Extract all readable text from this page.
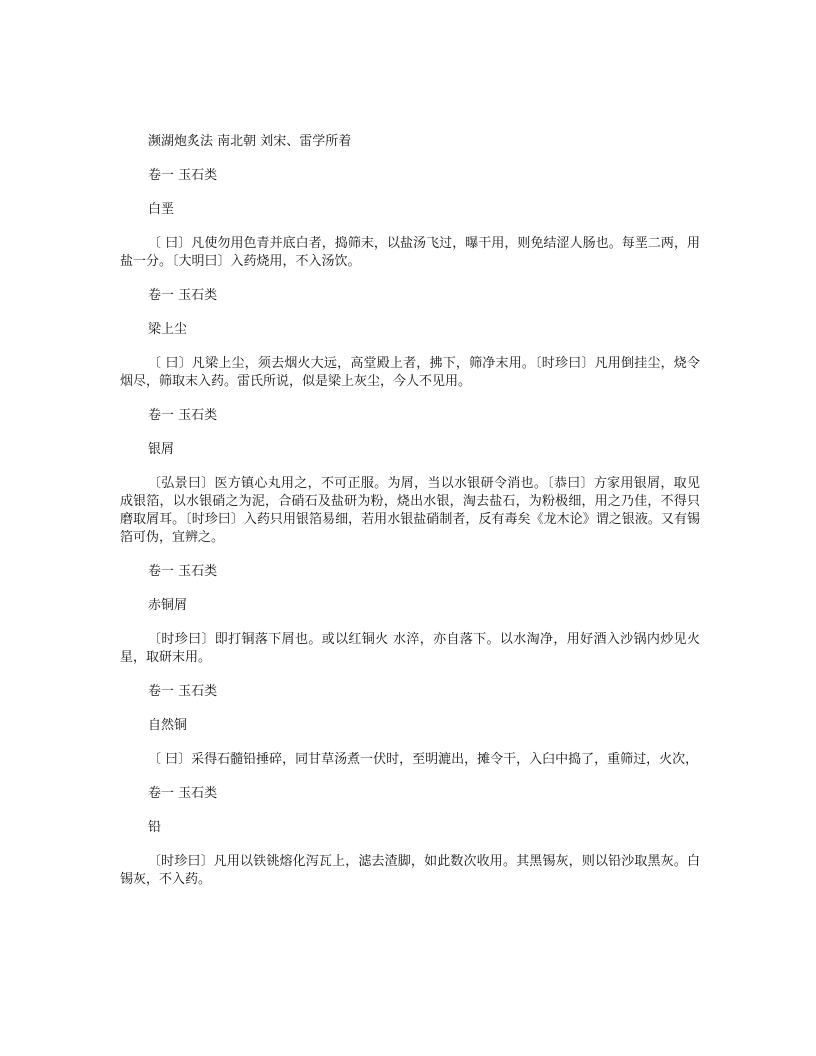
濒湖炮炙法 南北朝 刘宋、雷学所着

卷一 玉石类

白垩

〔 曰〕凡使勿用色青并底白者，捣筛末，以盐汤飞过，曝干用，则免结涩人肠也。每垩二两，用盐一分。〔大明曰〕入药烧用，不入汤饮。

卷一 玉石类

梁上尘

〔 曰〕凡梁上尘，须去烟火大远，高堂殿上者，拂下，筛净末用。〔时珍曰〕凡用倒挂尘，烧令烟尽，筛取末入药。雷氏所说，似是梁上灰尘，今人不见用。

卷一 玉石类

银屑

〔弘景曰〕医方镇心丸用之，不可正服。为屑，当以水银研令消也。〔恭曰〕方家用银屑，取见成银箔，以水银硝之为泥，合硝石及盐研为粉，烧出水银，淘去盐石，为粉极细，用之乃佳，不得只磨取屑耳。〔时珍曰〕入药只用银箔易细，若用水银盐硝制者，反有毒矣《龙木论》谓之银液。又有锡箔可伪，宜辨之。

卷一 玉石类

赤铜屑

〔时珍曰〕即打铜落下屑也。或以红铜火 水淬，亦自落下。以水淘净，用好酒入沙锅内炒见火星，取研末用。

卷一 玉石类

自然铜

〔 曰〕采得石髓铅捶碎，同甘草汤煮一伏时，至明漉出，摊令干，入臼中捣了，重筛过，火次，

卷一 玉石类

铅

〔时珍曰〕凡用以铁铫熔化泻瓦上，滤去渣脚，如此数次收用。其黑锡灰，则以铅沙取黑灰。白锡灰，不入药。
